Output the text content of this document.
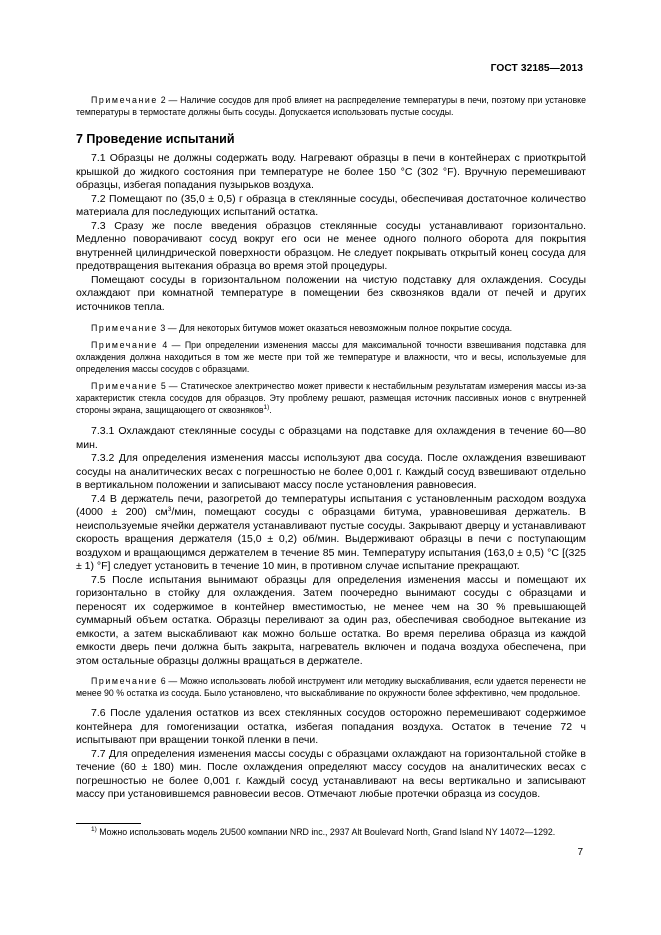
ГОСТ 32185—2013

Примечание 2 — Наличие сосудов для проб влияет на распределение температуры в печи, поэтому при установке температуры в термостате должны быть сосуды. Допускается использовать пустые сосуды.

7 Проведение испытаний

7.1 Образцы не должны содержать воду. Нагревают образцы в печи в контейнерах с приоткрытой крышкой до жидкого состояния при температуре не более 150 °C (302 °F). Вручную перемешивают образцы, избегая попадания пузырьков воздуха.

7.2 Помещают по (35,0 ± 0,5) г образца в стеклянные сосуды, обеспечивая достаточное количество материала для последующих испытаний остатка.

7.3 Сразу же после введения образцов стеклянные сосуды устанавливают горизонтально. Медленно поворачивают сосуд вокруг его оси не менее одного полного оборота для покрытия внутренней цилиндрической поверхности образцом. Не следует покрывать открытый конец сосуда для предотвращения вытекания образца во время этой процедуры.

Помещают сосуды в горизонтальном положении на чистую подставку для охлаждения. Сосуды охлаждают при комнатной температуре в помещении без сквозняков вдали от печей и других источников тепла.

Примечание 3 — Для некоторых битумов может оказаться невозможным полное покрытие сосуда.

Примечание 4 — При определении изменения массы для максимальной точности взвешивания подставка для охлаждения должна находиться в том же месте при той же температуре и влажности, что и весы, используемые для определения массы сосудов с образцами.

Примечание 5 — Статическое электричество может привести к нестабильным результатам измерения массы из-за характеристик стекла сосудов для образцов. Эту проблему решают, размещая источник пассивных ионов с внутренней стороны экрана, защищающего от сквозняков$^{1)}$.

7.3.1 Охлаждают стеклянные сосуды с образцами на подставке для охлаждения в течение 60—80 мин.

7.3.2 Для определения изменения массы используют два сосуда. После охлаждения взвешивают сосуды на аналитических весах с погрешностью не более 0,001 г. Каждый сосуд взвешивают отдельно в вертикальном положении и записывают массу после установления равновесия.

7.4 В держатель печи, разогретой до температуры испытания с установленным расходом воздуха (4000 ± 200) $см^3$/мин, помещают сосуды с образцами битума, уравновешивая держатель. В неиспользуемые ячейки держателя устанавливают пустые сосуды. Закрывают дверцу и устанавливают скорость вращения держателя (15,0 ± 0,2) об/мин. Выдерживают образцы в печи с поступающим воздухом и вращающимся держателем в течение 85 мин. Температуру испытания (163,0 ± 0,5) °C [(325 ± 1) °F] следует установить в течение 10 мин, в противном случае испытание прекращают.

7.5 После испытания вынимают образцы для определения изменения массы и помещают их горизонтально в стойку для охлаждения. Затем поочередно вынимают сосуды с образцами и переносят их содержимое в контейнер вместимостью, не менее чем на 30 % превышающей суммарный объем остатка. Образцы переливают за один раз, обеспечивая свободное вытекание из емкости, а затем выскабливают как можно больше остатка. Во время перелива образца из каждой емкости дверь печи должна быть закрыта, нагреватель включен и подача воздуха обеспечена, при этом остальные образцы должны вращаться в держателе.

Примечание 6 — Можно использовать любой инструмент или методику выскабливания, если удается перенести не менее 90 % остатка из сосуда. Было установлено, что выскабливание по окружности более эффективно, чем продольное.

7.6 После удаления остатков из всех стеклянных сосудов осторожно перемешивают содержимое контейнера для гомогенизации остатка, избегая попадания воздуха. Остаток в течение 72 ч испытывают при вращении тонкой пленки в печи.

7.7 Для определения изменения массы сосуды с образцами охлаждают на горизонтальной стойке в течение (60 ± 180) мин. После охлаждения определяют массу сосудов на аналитических весах с погрешностью не более 0,001 г. Каждый сосуд устанавливают на весы вертикально и записывают массу при установившемся равновесии весов. Отмечают любые протечки образца из сосудов.

$^{1)}$ Можно использовать модель 2U500 компании NRD inc., 2937 Alt Boulevard North, Grand Island NY 14072—1292.
7
